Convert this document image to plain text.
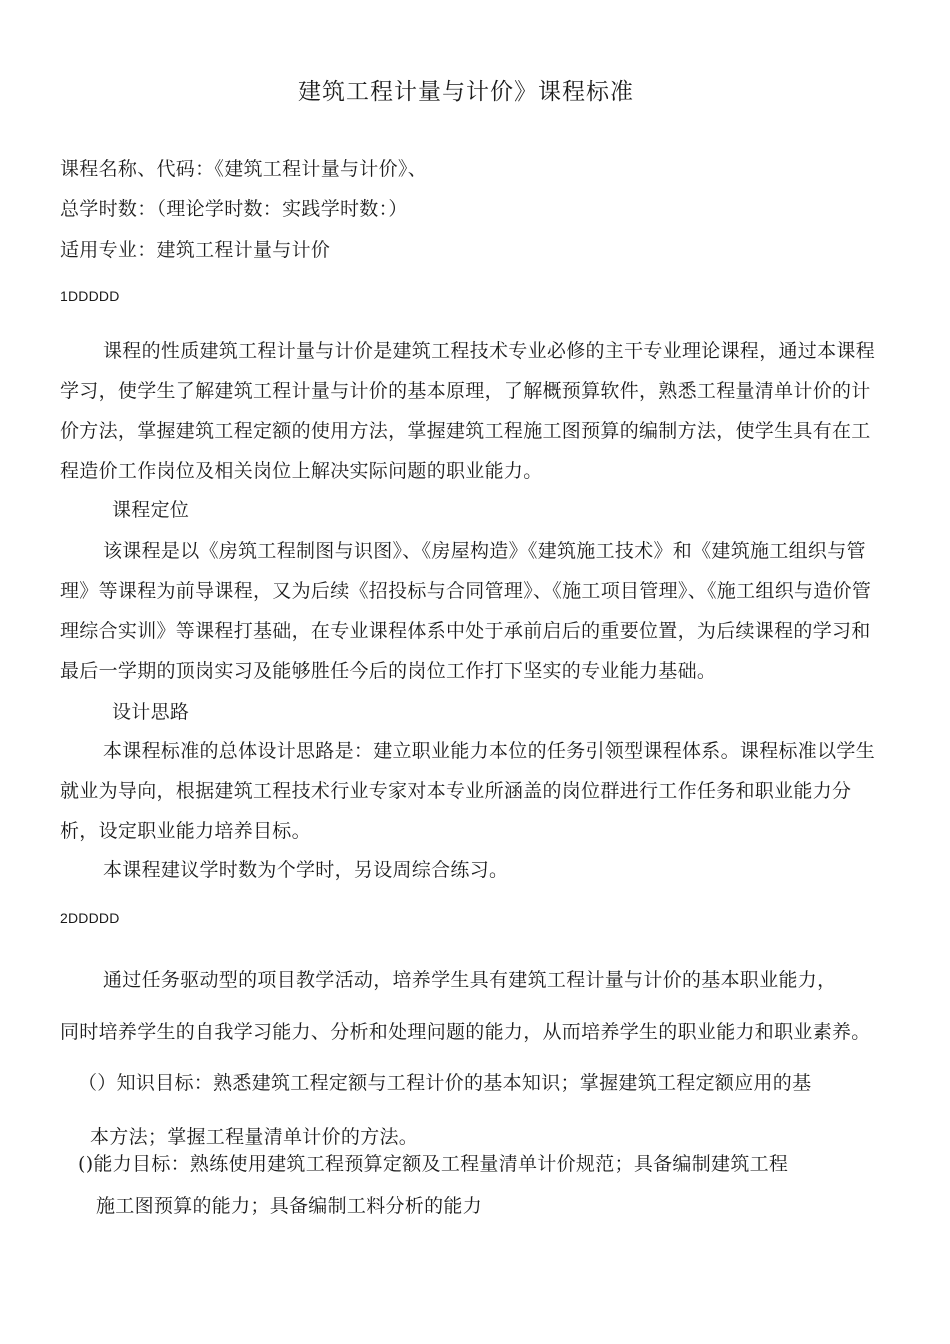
建筑工程计量与计价》课程标准
课程名称、代码：《建筑工程计量与计价》、
总学时数：（理论学时数：实践学时数：）
适用专业：建筑工程计量与计价
1DDDDD
课程的性质建筑工程计量与计价是建筑工程技术专业必修的主干专业理论课程，通过本课程学习，使学生了解建筑工程计量与计价的基本原理，了解概预算软件，熟悉工程量清单计价的计价方法，掌握建筑工程定额的使用方法，掌握建筑工程施工图预算的编制方法，使学生具有在工程造价工作岗位及相关岗位上解决实际问题的职业能力。
课程定位
该课程是以《房筑工程制图与识图》、《房屋构造》《建筑施工技术》和《建筑施工组织与管理》等课程为前导课程，又为后续《招投标与合同管理》、《施工项目管理》、《施工组织与造价管理综合实训》等课程打基础，在专业课程体系中处于承前启后的重要位置，为后续课程的学习和最后一学期的顶岗实习及能够胜任今后的岗位工作打下坚实的专业能力基础。
设计思路
本课程标准的总体设计思路是：建立职业能力本位的任务引领型课程体系。课程标准以学生就业为导向，根据建筑工程技术行业专家对本专业所涵盖的岗位群进行工作任务和职业能力分析，设定职业能力培养目标。
本课程建议学时数为个学时，另设周综合练习。
2DDDDD
通过任务驱动型的项目教学活动，培养学生具有建筑工程计量与计价的基本职业能力，
同时培养学生的自我学习能力、分析和处理问题的能力，从而培养学生的职业能力和职业素养。
（）知识目标：熟悉建筑工程定额与工程计价的基本知识；掌握建筑工程定额应用的基
本方法；掌握工程量清单计价的方法。
()能力目标：熟练使用建筑工程预算定额及工程量清单计价规范；具备编制建筑工程
施工图预算的能力；具备编制工料分析的能力
